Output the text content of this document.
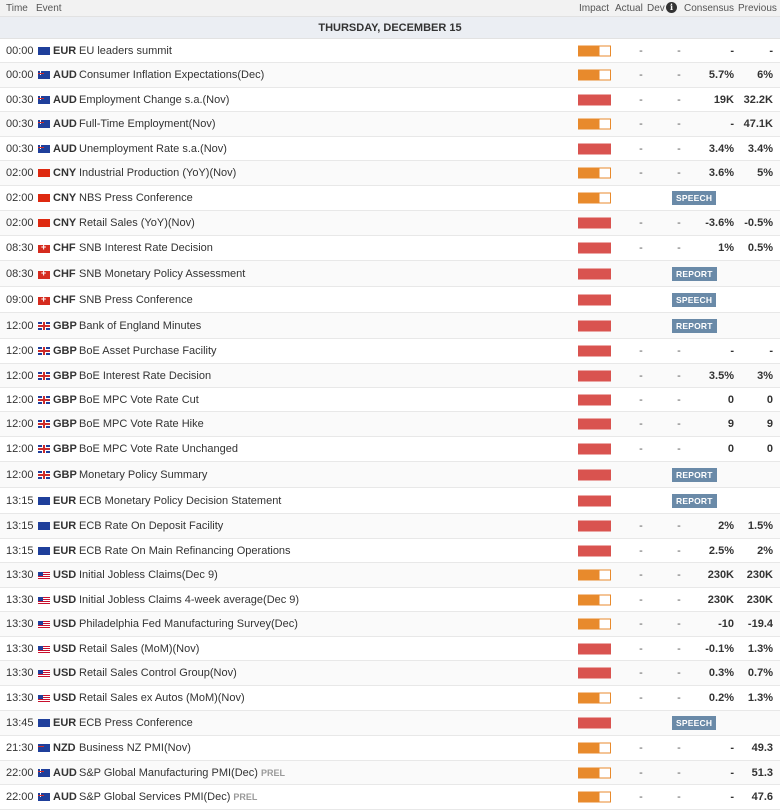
Time Event	Impact Actual Dev i	Consensus Previous
THURSDAY, DECEMBER 15
00:00 EUR EU leaders summit	-	-	-	-
00:00 AUD Consumer Inflation Expectations(Dec)	-	-	5.7% 6%
00:30 AUD Employment Change s.a.(Nov)	-	-	19K 32.2K
00:30 AUD Full-Time Employment(Nov)	-	-	- 47.1K
00:30 AUD Unemployment Rate s.a.(Nov)	-	-	3.4% 3.4%
02:00 CNY Industrial Production (YoY)(Nov)	-	-	3.6% 5%
02:00 CNY NBS Press Conference	SPEECH
02:00 CNY Retail Sales (YoY)(Nov)	-	- -3.6% -0.5%
08:30 + CHF SNB Interest Rate Decision	-	-	1% 0.5%
08:30 + CHF SNB Monetary Policy Assessment	REPORT
09:00 + CHF SNB Press Conference	SPEECH
12:00 GBP Bank of England Minutes	REPORT
12:00 GBP BoE Asset Purchase Facility	-	-	-	-
12:00 GBP BoE Interest Rate Decision	-	-	3.5% 3%
12:00 GBP BoE MPC Vote Rate Cut	-	-	0	0
12:00 GBP BoE MPC Vote Rate Hike	-	-	9	9
12:00 GBP BoE MPC Vote Rate Unchanged	-	-	0	0
12:00 GBP Monetary Policy Summary	REPORT
13:15 EUR ECB Monetary Policy Decision Statement	REPORT
13:15 EUR ECB Rate On Deposit Facility	-	-	2% 1.5%
13:15 EUR ECB Rate On Main Refinancing Operations	-	-	2.5% 2%
13:30 USD Initial Jobless Claims(Dec 9)	-	- 230K 230K
13:30 USD Initial Jobless Claims 4-week average(Dec 9)	-	- 230K 230K
13:30 USD Philadelphia Fed Manufacturing Survey(Dec)	-	-	-10 -19.4
13:30 USD Retail Sales (MoM)(Nov)	-	- -0.1% 1.3%
13:30 USD Retail Sales Control Group(Nov)	-	-	0.3% 0.7%
13:30 USD Retail Sales ex Autos (MoM)(Nov)	-	-	0.2% 1.3%
13:45 EUR ECB Press Conference	SPEECH
21:30 NZD Business NZ PMI(Nov)	-	-	- 49.3
22:00 AUD S&P Global Manufacturing PMI(Dec) PREL	-	-	- 51.3
22:00 AUD S&P Global Services PMI(Dec) PREL	-	-	- 47.6
